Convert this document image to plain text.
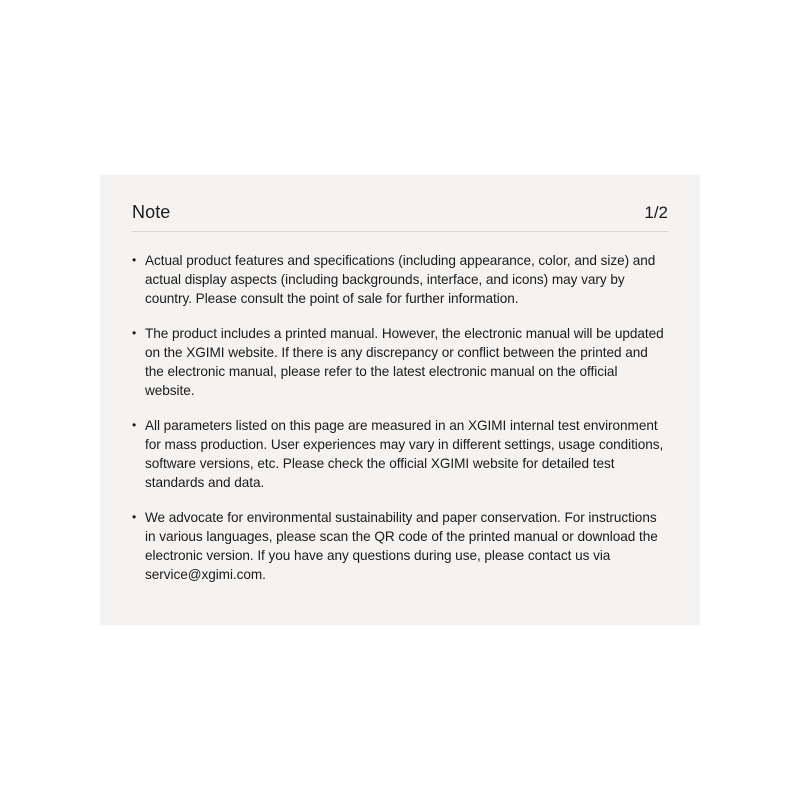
Note	1/2
• Actual product features and specifications (including appearance, color, and size) and actual display aspects (including backgrounds, interface, and icons) may vary by country. Please consult the point of sale for further information.
• The product includes a printed manual. However, the electronic manual will be updated on the XGIMI website. If there is any discrepancy or conflict between the printed and the electronic manual, please refer to the latest electronic manual on the official website.
• All parameters listed on this page are measured in an XGIMI internal test environment for mass production. User experiences may vary in different settings, usage conditions, software versions, etc. Please check the official XGIMI website for detailed test standards and data.
• We advocate for environmental sustainability and paper conservation. For instructions in various languages, please scan the QR code of the printed manual or download the electronic version. If you have any questions during use, please contact us via service@xgimi.com.
